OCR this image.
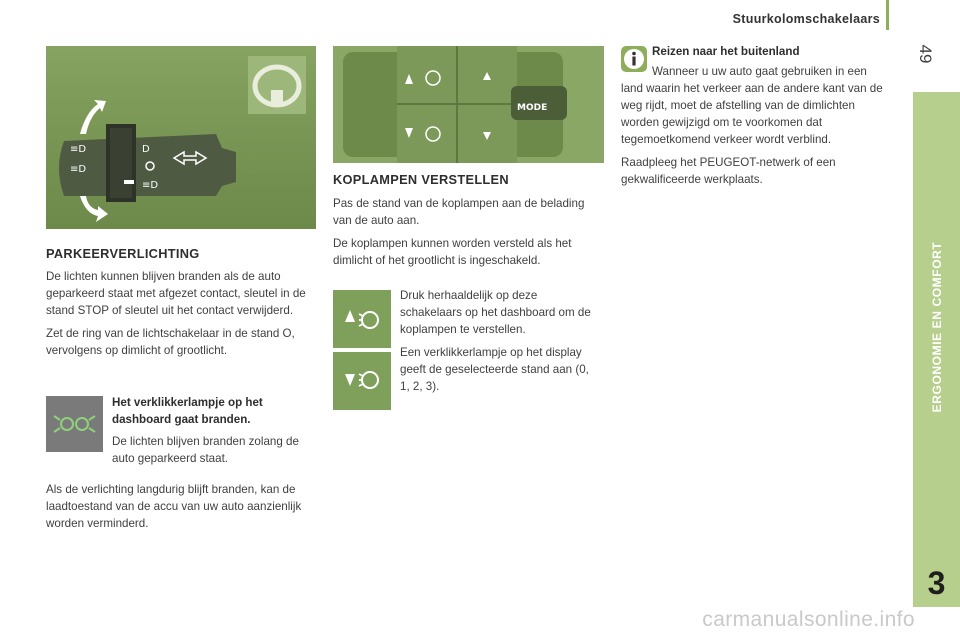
Stuurkolomschakelaars
49
ERGONOMIE EN COMFORT
3
≡D
≡D
D
≡D
MODE
PARKEERVERLICHTING

De lichten kunnen blijven branden als de auto geparkeerd staat met afgezet contact, sleutel in de stand STOP of sleutel uit het contact verwijderd.

Zet de ring van de lichtschakelaar in de stand O, vervolgens op dimlicht of grootlicht.

Het verklikkerlampje op het dashboard gaat branden.

De lichten blijven branden zolang de auto geparkeerd staat.

Als de verlichting langdurig blijft branden, kan de laadtoestand van de accu van uw auto aanzienlijk worden verminderd.

KOPLAMPEN VERSTELLEN

Pas de stand van de koplampen aan de belading van de auto aan.

De koplampen kunnen worden versteld als het dimlicht of het grootlicht is ingeschakeld.

Druk herhaaldelijk op deze schakelaars op het dashboard om de koplampen te verstellen.

Een verklikkerlampje op het display geeft de geselecteerde stand aan (0, 1, 2, 3).

Reizen naar het buitenland

Wanneer u uw auto gaat gebruiken in een land waarin het verkeer aan de andere kant van de weg rijdt, moet de afstelling van de dimlichten worden gewijzigd om te voorkomen dat tegemoetkomend verkeer wordt verblind.

Raadpleeg het PEUGEOT-netwerk of een gekwalificeerde werkplaats.

carmanualsonline.info
